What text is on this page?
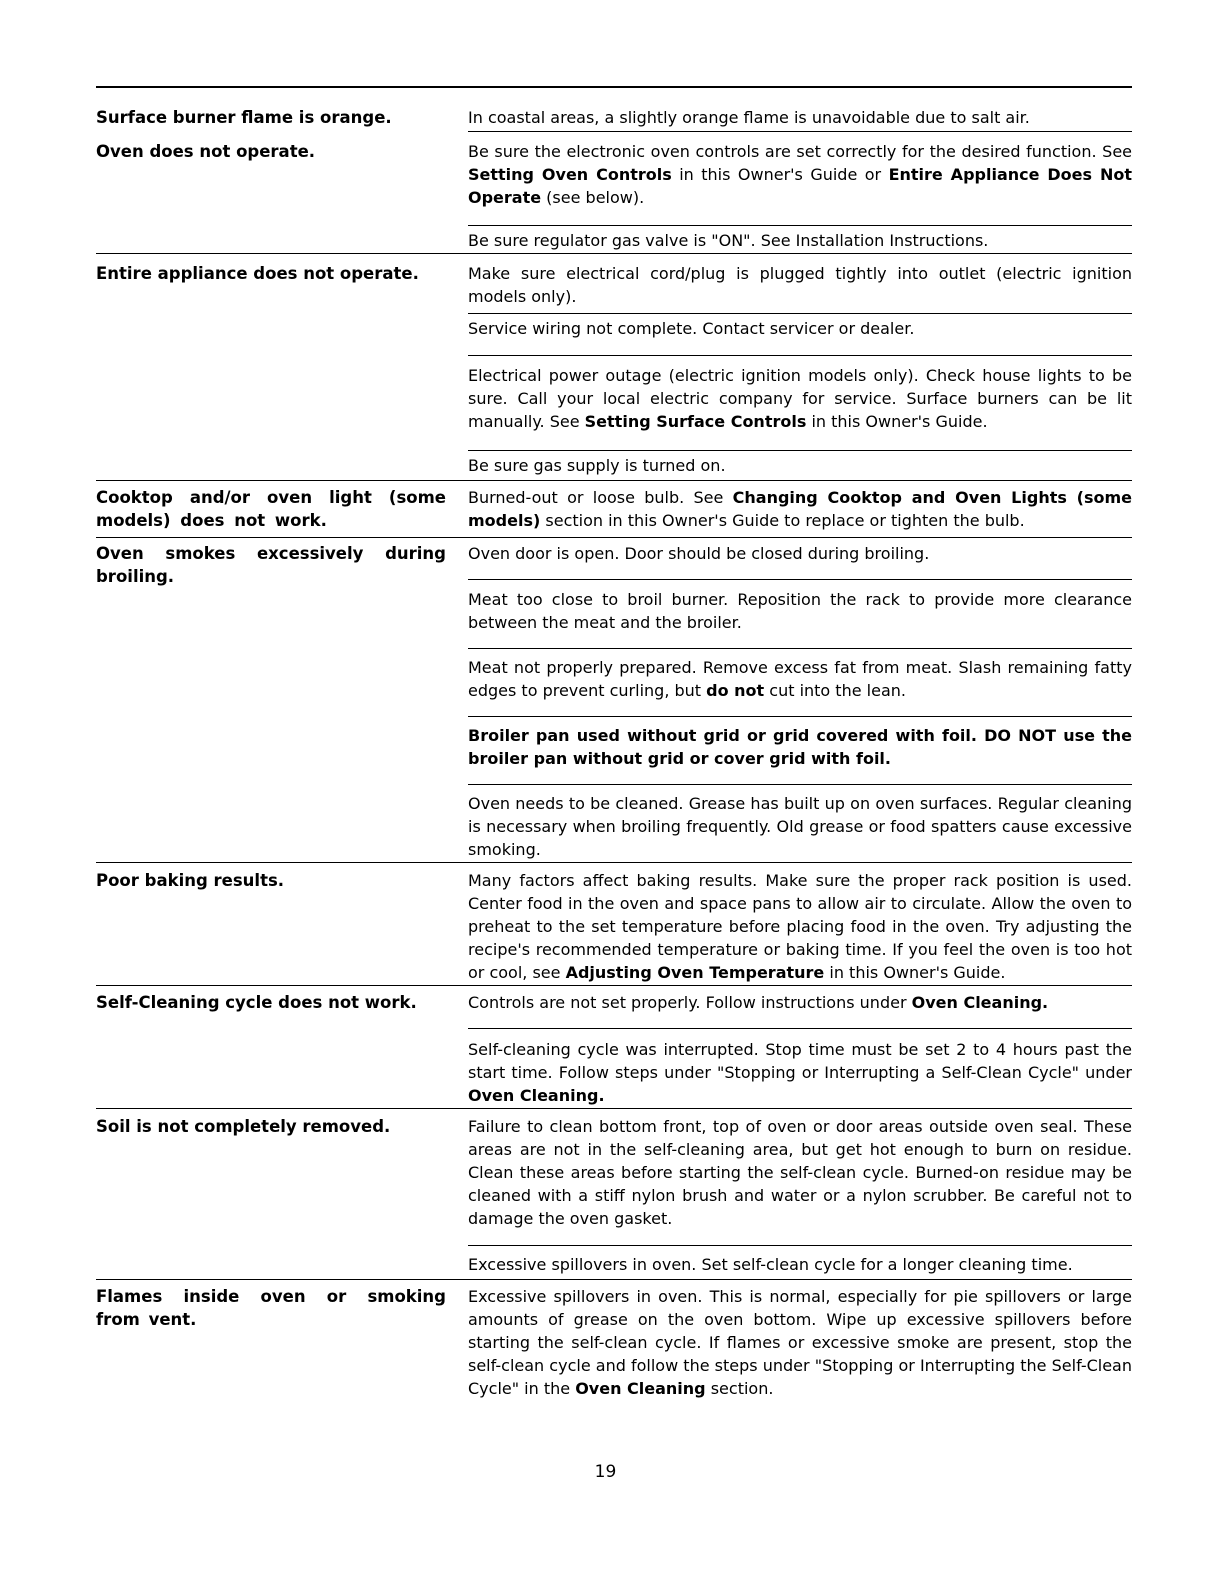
Surface burner flame is orange.
Oven does not operate.
Entire appliance does not operate.
Cooktop and/or oven light (some models) does not work.
Oven smokes excessively during broiling.
Poor baking results.
Self-Cleaning cycle does not work.
Soil is not completely removed.
Flames inside oven or smoking from vent.
In coastal areas, a slightly orange flame is unavoidable due to salt air.
Be sure the electronic oven controls are set correctly for the desired function. See Setting Oven Controls in this Owner's Guide or Entire Appliance Does Not Operate (see below).
Be sure regulator gas valve is "ON". See Installation Instructions.
Make sure electrical cord/plug is plugged tightly into outlet (electric ignition models only).
Service wiring not complete. Contact servicer or dealer.
Electrical power outage (electric ignition models only). Check house lights to be sure. Call your local electric company for service. Surface burners can be lit manually. See Setting Surface Controls in this Owner's Guide.
Be sure gas supply is turned on.
Burned-out or loose bulb. See Changing Cooktop and Oven Lights (some models) section in this Owner's Guide to replace or tighten the bulb.
Oven door is open. Door should be closed during broiling.
Meat too close to broil burner. Reposition the rack to provide more clearance between the meat and the broiler.
Meat not properly prepared. Remove excess fat from meat. Slash remaining fatty edges to prevent curling, but do not cut into the lean.
Broiler pan used without grid or grid covered with foil. DO NOT use the broiler pan without grid or cover grid with foil.
Oven needs to be cleaned. Grease has built up on oven surfaces. Regular cleaning is necessary when broiling frequently. Old grease or food spatters cause excessive smoking.
Many factors affect baking results. Make sure the proper rack position is used. Center food in the oven and space pans to allow air to circulate. Allow the oven to preheat to the set temperature before placing food in the oven. Try adjusting the recipe's recommended temperature or baking time. If you feel the oven is too hot or cool, see Adjusting Oven Temperature in this Owner's Guide.
Controls are not set properly. Follow instructions under Oven Cleaning.
Self-cleaning cycle was interrupted. Stop time must be set 2 to 4 hours past the start time. Follow steps under "Stopping or Interrupting a Self-Clean Cycle" under Oven Cleaning.
Failure to clean bottom front, top of oven or door areas outside oven seal. These areas are not in the self-cleaning area, but get hot enough to burn on residue. Clean these areas before starting the self-clean cycle. Burned-on residue may be cleaned with a stiff nylon brush and water or a nylon scrubber. Be careful not to damage the oven gasket.
Excessive spillovers in oven. Set self-clean cycle for a longer cleaning time.
Excessive spillovers in oven. This is normal, especially for pie spillovers or large amounts of grease on the oven bottom. Wipe up excessive spillovers before starting the self-clean cycle. If flames or excessive smoke are present, stop the self-clean cycle and follow the steps under "Stopping or Interrupting the Self-Clean Cycle" in the Oven Cleaning section.
19
